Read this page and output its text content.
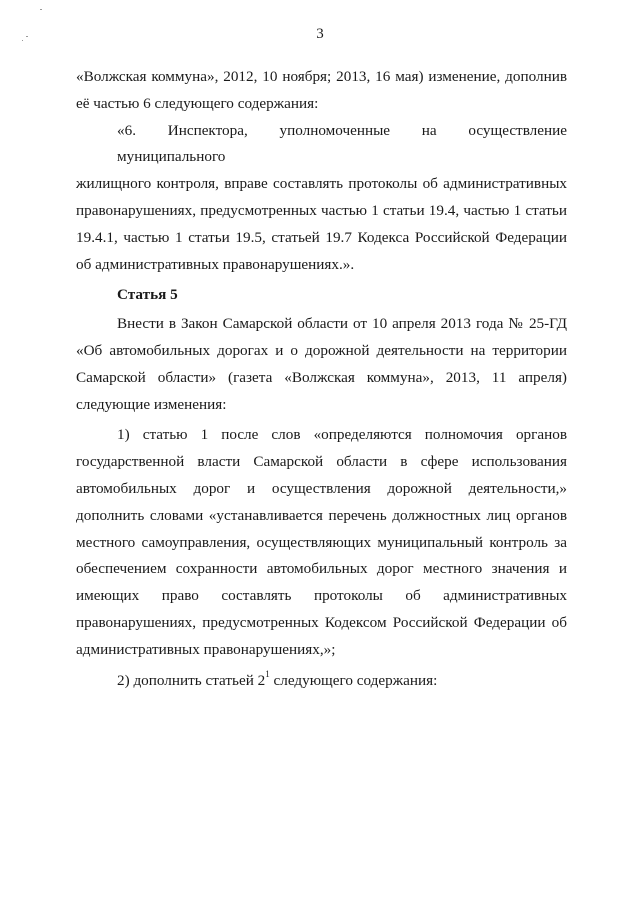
3

«Волжская коммуна», 2012, 10 ноября; 2013, 16 мая) изменение, дополнив
её частью 6 следующего содержания:

«6. Инспектора, уполномоченные на осуществление муниципального
жилищного контроля, вправе составлять протоколы об административных
правонарушениях, предусмотренных частью 1 статьи 19.4, частью 1 статьи
19.4.1, частью 1 статьи 19.5, статьей 19.7 Кодекса Российской Федерации
об административных правонарушениях.».

Статья 5

Внести в Закон Самарской области от 10 апреля 2013 года № 25-ГД
«Об автомобильных дорогах и о дорожной деятельности на территории
Самарской области» (газета «Волжская коммуна», 2013, 11 апреля)
следующие изменения:

1) статью 1 после слов «определяются полномочия органов
государственной власти Самарской области в сфере использования
автомобильных дорог и осуществления дорожной деятельности,»
дополнить словами «устанавливается перечень должностных лиц органов
местного самоуправления, осуществляющих муниципальный контроль за
обеспечением сохранности автомобильных дорог местного значения и
имеющих право составлять протоколы об административных
правонарушениях, предусмотренных Кодексом Российской Федерации об
административных правонарушениях,»;

2) дополнить статьей $2^1$ следующего содержания:
